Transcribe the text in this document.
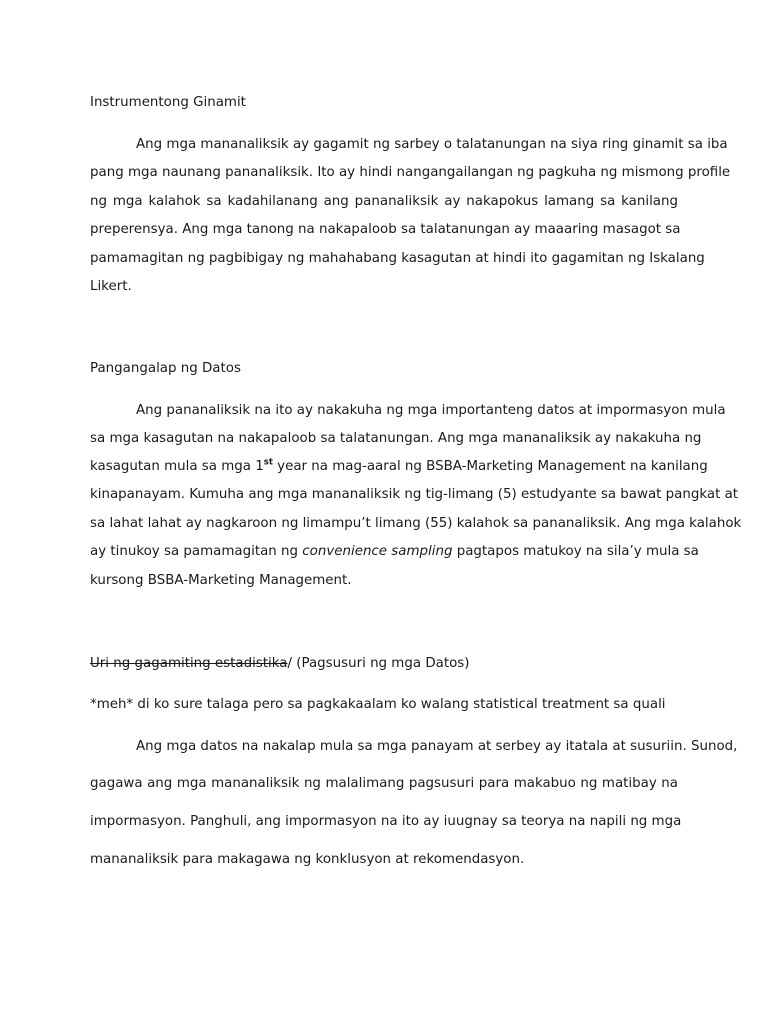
Instrumentong Ginamit
Ang mga mananaliksik ay gagamit ng sarbey o talatanungan na siya ring ginamit sa iba
pang mga naunang pananaliksik. Ito ay hindi nangangailangan ng pagkuha ng mismong profile
ng mga kalahok sa kadahilanang ang pananaliksik ay nakapokus lamang sa kanilang
preperensya. Ang mga tanong na nakapaloob sa talatanungan ay maaaring masagot sa
pamamagitan ng pagbibigay ng mahahabang kasagutan at hindi ito gagamitan ng Iskalang
Likert.
Pangangalap ng Datos
Ang pananaliksik na ito ay nakakuha ng mga importanteng datos at impormasyon mula
sa mga kasagutan na nakapaloob sa talatanungan. Ang mga mananaliksik ay nakakuha ng
kasagutan mula sa mga 1st year na mag-aaral ng BSBA-Marketing Management na kanilang
kinapanayam. Kumuha ang mga mananaliksik ng tig-limang (5) estudyante sa bawat pangkat at
sa lahat lahat ay nagkaroon ng limampu’t limang (55) kalahok sa pananaliksik. Ang mga kalahok
ay tinukoy sa pamamagitan ng convenience sampling pagtapos matukoy na sila’y mula sa
kursong BSBA-Marketing Management.
Uri ng gagamiting estadistika/ (Pagsusuri ng mga Datos)
*meh* di ko sure talaga pero sa pagkakaalam ko walang statistical treatment sa quali
Ang mga datos na nakalap mula sa mga panayam at serbey ay itatala at susuriin. Sunod,
gagawa ang mga mananaliksik ng malalimang pagsusuri para makabuo ng matibay na
impormasyon. Panghuli, ang impormasyon na ito ay iuugnay sa teorya na napili ng mga
mananaliksik para makagawa ng konklusyon at rekomendasyon.
